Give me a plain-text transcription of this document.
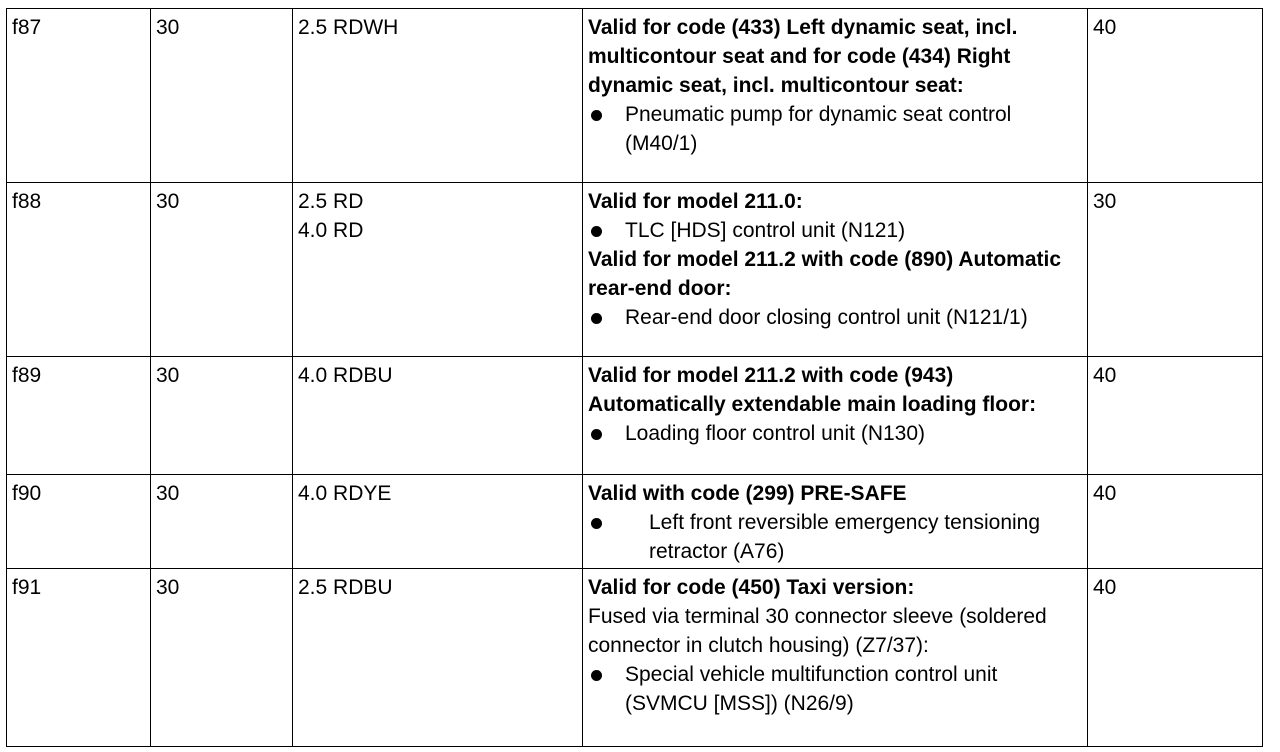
f87	30	2.5 RDWH	Valid for code (433) Left dynamic seat, incl. multicontour seat and for code (434) Right dynamic seat, incl. multicontour seat:
Pneumatic pump for dynamic seat control (M40/1)	40
f88	30	2.5 RD
4.0 RD	Valid for model 211.0:
TLC [HDS] control unit (N121)
Valid for model 211.2 with code (890) Automatic rear-end door:
Rear-end door closing control unit (N121/1)	30
f89	30	4.0 RDBU	Valid for model 211.2 with code (943) Automatically extendable main loading floor:
Loading floor control unit (N130)	40
f90	30	4.0 RDYE	Valid with code (299) PRE-SAFE
Left front reversible emergency tensioning retractor (A76)	40
f91	30	2.5 RDBU	Valid for code (450) Taxi version:
Fused via terminal 30 connector sleeve (soldered connector in clutch housing) (Z7/37):
Special vehicle multifunction control unit (SVMCU [MSS]) (N26/9)	40
